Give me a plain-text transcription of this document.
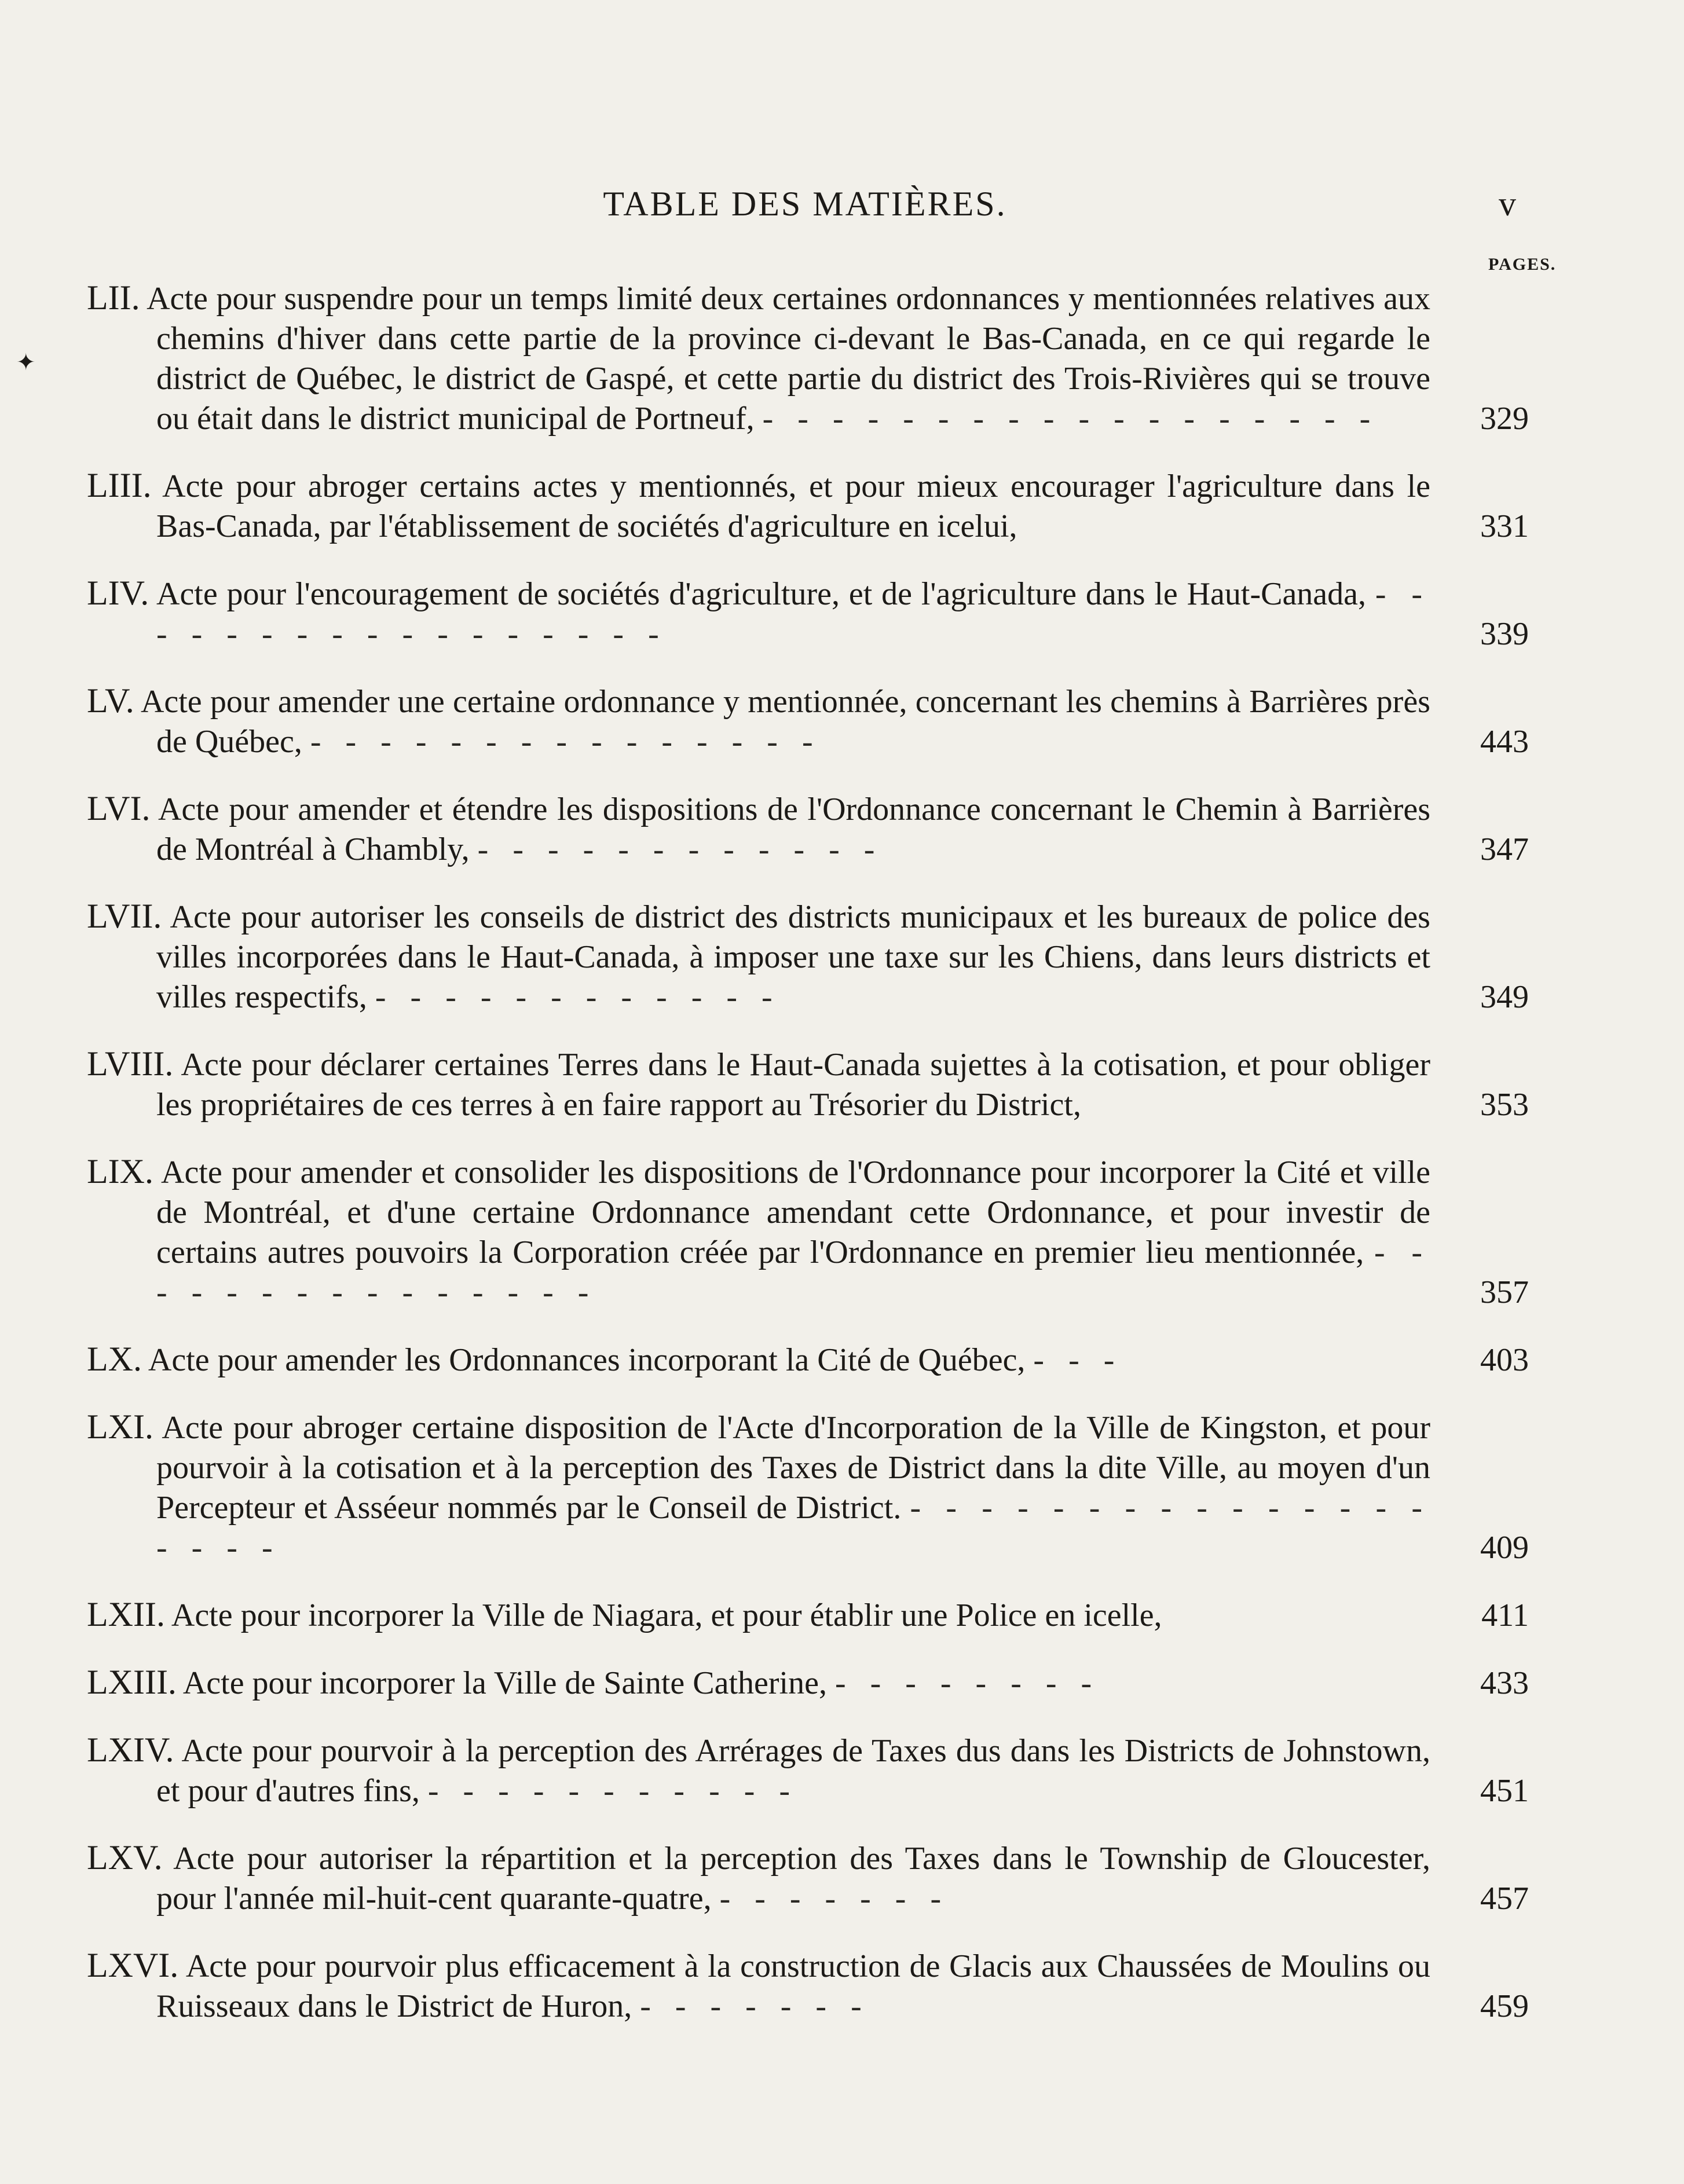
TABLE DES MATIÈRES.	v
PAGES.
✦
LII. Acte pour suspendre pour un temps limité deux certaines ordonnances y mentionnées relatives aux chemins d'hiver dans cette partie de la province ci-devant le Bas-Canada, en ce qui regarde le district de Québec, le district de Gaspé, et cette partie du district des Trois-Rivières qui se trouve ou était dans le district municipal de Portneuf, - - - - - - - - - - - - - - - - - -	329
LIII. Acte pour abroger certains actes y mentionnés, et pour mieux encourager l'agriculture dans le Bas-Canada, par l'établissement de sociétés d'agriculture en icelui,	331
LIV. Acte pour l'encouragement de sociétés d'agriculture, et de l'agriculture dans le Haut-Canada, - - - - - - - - - - - - - - - - -	339
LV. Acte pour amender une certaine ordonnance y mentionnée, concernant les chemins à Barrières près de Québec, - - - - - - - - - - - - - - -	443
LVI. Acte pour amender et étendre les dispositions de l'Ordonnance concernant le Chemin à Barrières de Montréal à Chambly, - - - - - - - - - - - -	347
LVII. Acte pour autoriser les conseils de district des districts municipaux et les bureaux de police des villes incorporées dans le Haut-Canada, à imposer une taxe sur les Chiens, dans leurs districts et villes respectifs, - - - - - - - - - - - -	349
LVIII. Acte pour déclarer certaines Terres dans le Haut-Canada sujettes à la cotisation, et pour obliger les propriétaires de ces terres à en faire rapport au Trésorier du District,	353
LIX. Acte pour amender et consolider les dispositions de l'Ordonnance pour incorporer la Cité et ville de Montréal, et d'une certaine Ordonnance amendant cette Ordonnance, et pour investir de certains autres pouvoirs la Corporation créée par l'Ordonnance en premier lieu mentionnée, - - - - - - - - - - - - - - -	357
LX. Acte pour amender les Ordonnances incorporant la Cité de Québec, - - -	403
LXI. Acte pour abroger certaine disposition de l'Acte d'Incorporation de la Ville de Kingston, et pour pourvoir à la cotisation et à la perception des Taxes de District dans la dite Ville, au moyen d'un Percepteur et Asséeur nommés par le Conseil de District. - - - - - - - - - - - - - - - - - - -	409
LXII. Acte pour incorporer la Ville de Niagara, et pour établir une Police en icelle,	411
LXIII. Acte pour incorporer la Ville de Sainte Catherine, - - - - - - - -	433
LXIV. Acte pour pourvoir à la perception des Arrérages de Taxes dus dans les Districts de Johnstown, et pour d'autres fins, - - - - - - - - - - -	451
LXV. Acte pour autoriser la répartition et la perception des Taxes dans le Township de Gloucester, pour l'année mil-huit-cent quarante-quatre, - - - - - - -	457
LXVI. Acte pour pourvoir plus efficacement à la construction de Glacis aux Chaussées de Moulins ou Ruisseaux dans le District de Huron, - - - - - - -	459
